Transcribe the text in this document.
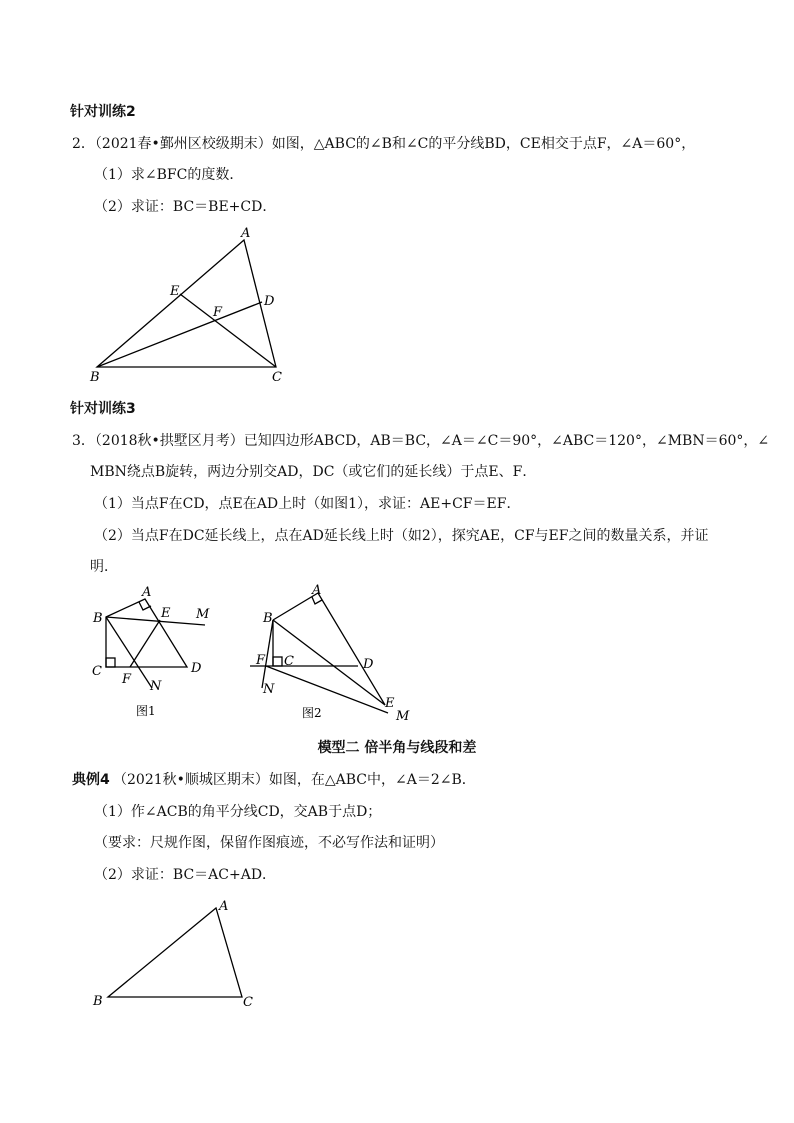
针对训练2
2．（2021春•鄞州区校级期末）如图，△ABC的∠B和∠C的平分线BD，CE相交于点F，∠A＝60°，
（1）求∠BFC的度数．
（2）求证：BC＝BE+CD．
A
B	C
D
E
F
针对训练3
3．（2018秋•拱墅区月考）已知四边形ABCD，AB＝BC，∠A＝∠C＝90°，∠ABC＝120°，∠MBN＝60°，∠
MBN绕点B旋转，两边分别交AD，DC（或它们的延长线）于点E、F．
（1）当点F在CD，点E在AD上时（如图1），求证：AE+CF＝EF．
（2）当点F在DC延长线上，点在AD延长线上时（如2），探究AE，CF与EF之间的数量关系，并证
明．
A
B
C	D
E
F
M
N
图1
A
B
C	D
E
F
M
N
图2
模型二 倍半角与线段和差
典例4 （2021秋•顺城区期末）如图，在△ABC中，∠A＝2∠B．
（1）作∠ACB的角平分线CD，交AB于点D；
（要求：尺规作图，保留作图痕迹，不必写作法和证明）
（2）求证：BC＝AC+AD．
A
B	C
